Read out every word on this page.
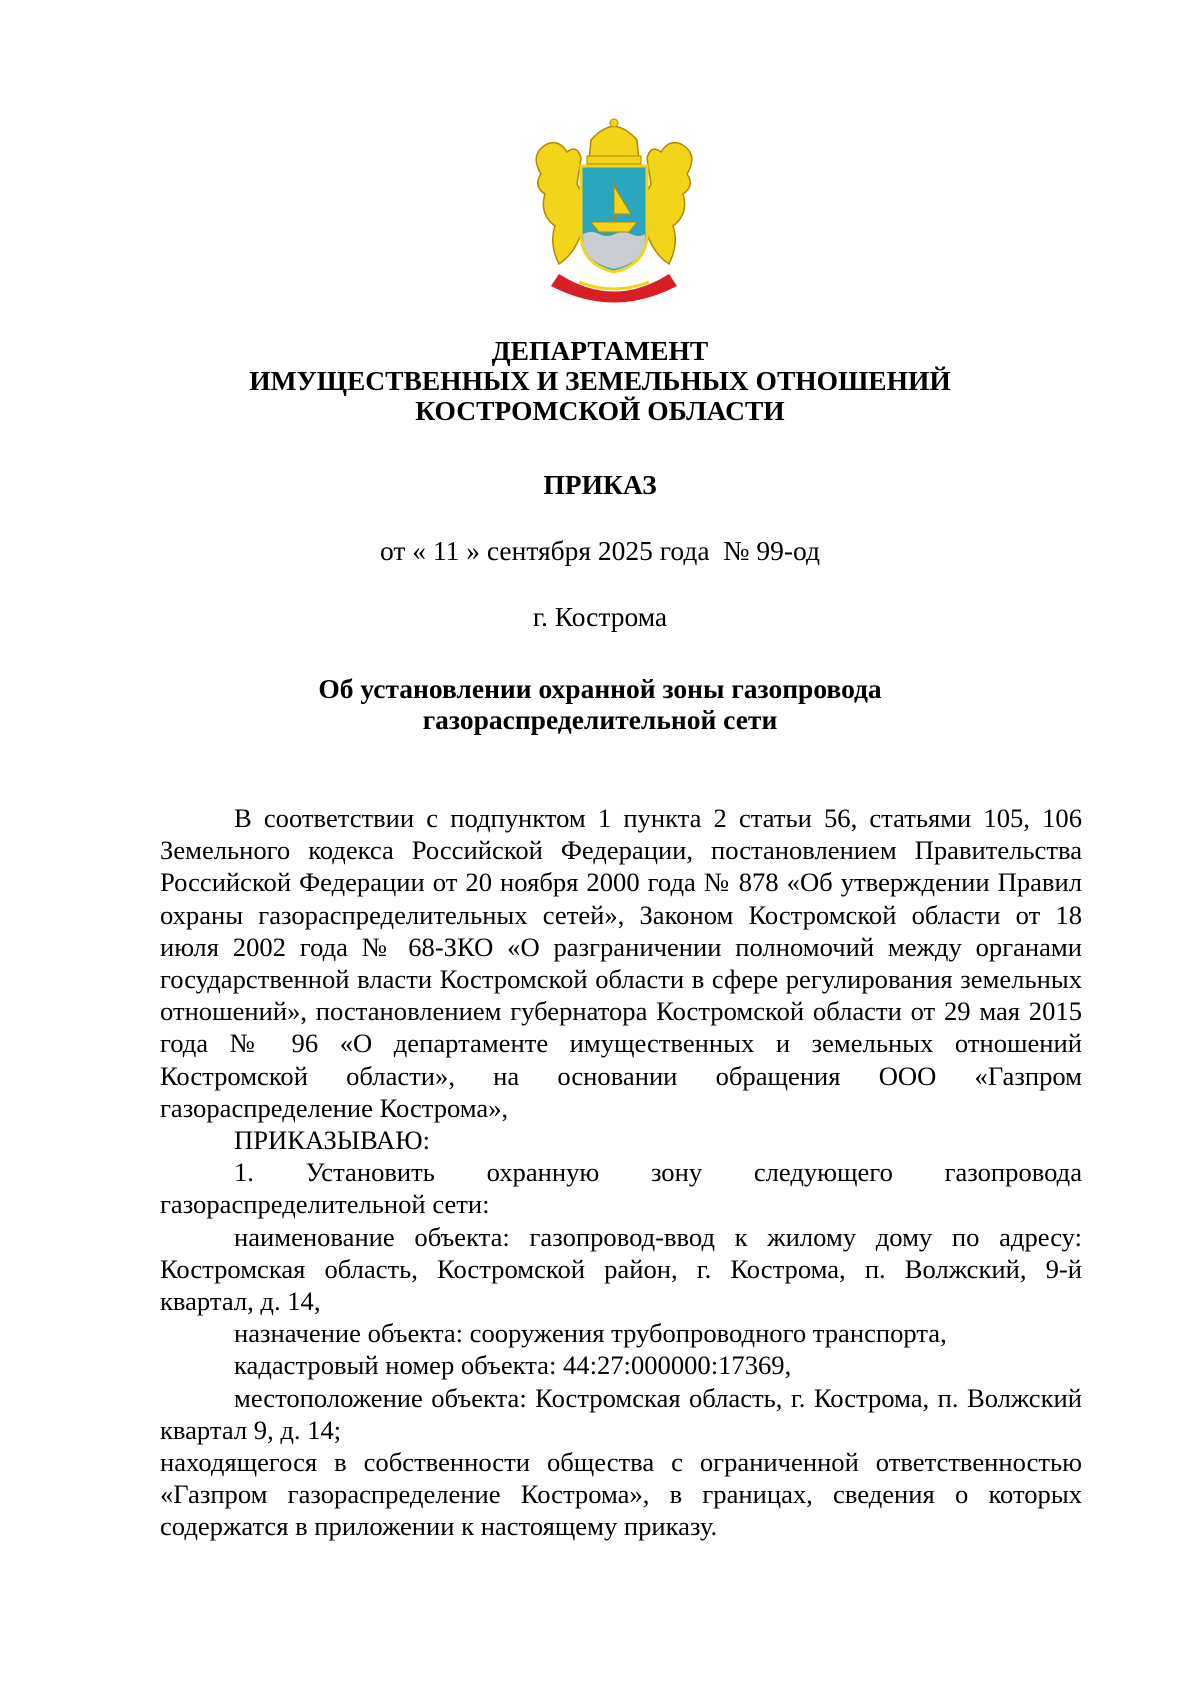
ДЕПАРТАМЕНТ
ИМУЩЕСТВЕННЫХ И ЗЕМЕЛЬНЫХ ОТНОШЕНИЙ
КОСТРОМСКОЙ ОБЛАСТИ
ПРИКАЗ
от « 11 » сентября 2025 года  № 99-од
г. Кострома
Об установлении охранной зоны газопровода
газораспределительной сети

В соответствии с подпунктом 1 пункта 2 статьи 56, статьями 105, 106 Земельного кодекса Российской Федерации, постановлением Правительства Российской Федерации от 20 ноября 2000 года № 878 «Об утверждении Правил охраны газораспределительных сетей», Законом Костромской области от 18 июля 2002 года № 68-ЗКО «О разграничении полномочий между органами государственной власти Костромской области в сфере регулирования земельных отношений», постановлением губернатора Костромской области от 29 мая 2015 года № 96 «О департаменте имущественных и земельных отношений Костромской области», на основании обращения ООО «Газпром газораспределение Кострома»,

ПРИКАЗЫВАЮ:

1. Установить охранную зону следующего газопровода газораспределительной сети:

наименование объекта: газопровод-ввод к жилому дому по адресу: Костромская область, Костромской район, г. Кострома, п. Волжский, 9-й квартал, д. 14,

назначение объекта: сооружения трубопроводного транспорта,

кадастровый номер объекта: 44:27:000000:17369,

местоположение объекта: Костромская область, г. Кострома, п. Волжский квартал 9, д. 14;

находящегося в собственности общества с ограниченной ответственностью «Газпром газораспределение Кострома», в границах, сведения о которых содержатся в приложении к настоящему приказу.
